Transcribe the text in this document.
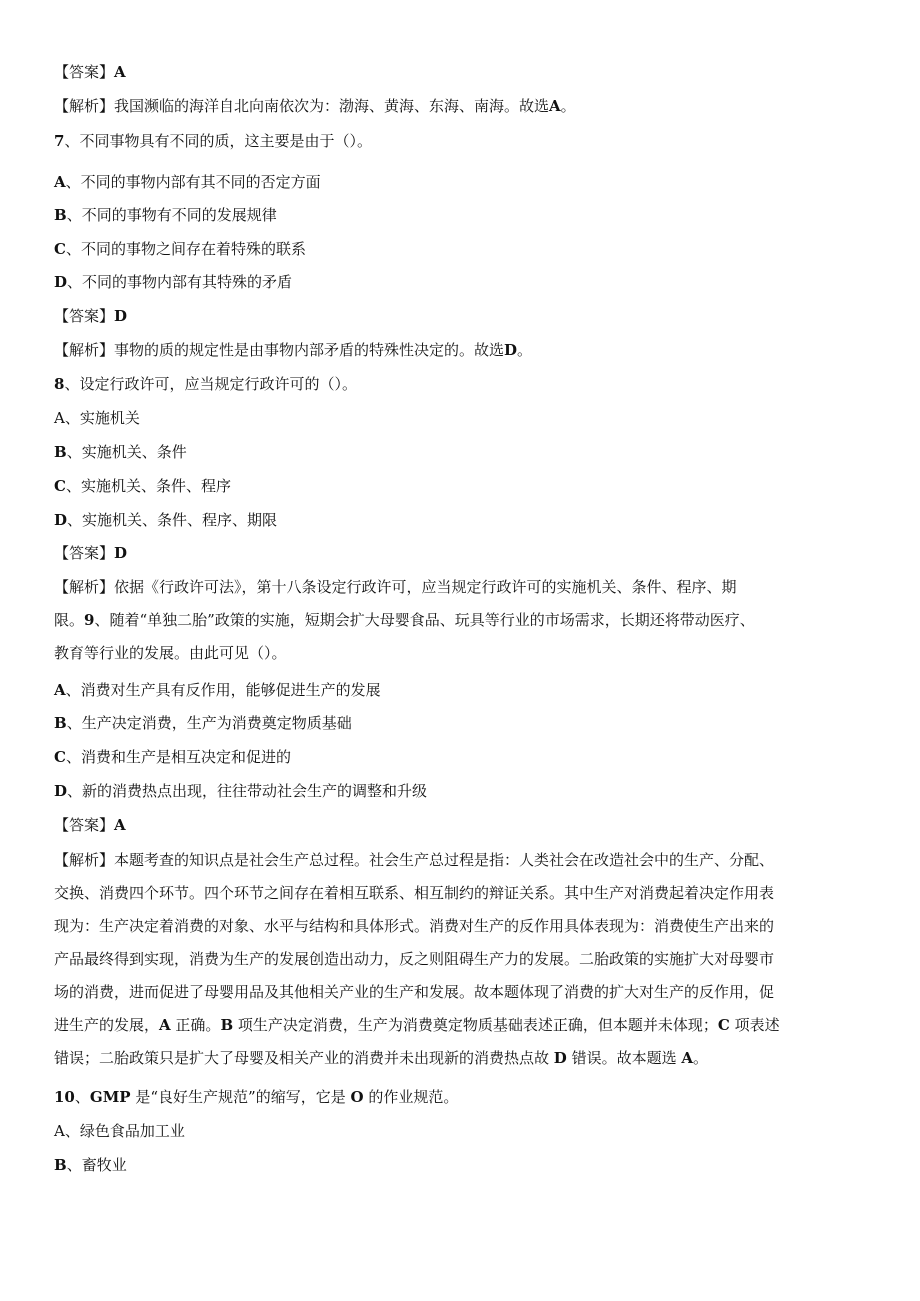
【答案】A
【解析】我国濒临的海洋自北向南依次为：渤海、黄海、东海、南海。故选A。
7、不同事物具有不同的质，这主要是由于（）。
A、不同的事物内部有其不同的否定方面
B、不同的事物有不同的发展规律
C、不同的事物之间存在着特殊的联系
D、不同的事物内部有其特殊的矛盾
【答案】D
【解析】事物的质的规定性是由事物内部矛盾的特殊性决定的。故选D。
8、设定行政许可，应当规定行政许可的（）。
A、实施机关
B、实施机关、条件
C、实施机关、条件、程序
D、实施机关、条件、程序、期限
【答案】D
【解析】依据《行政许可法》，第十八条设定行政许可，应当规定行政许可的实施机关、条件、程序、期
限。9、随着“单独二胎”政策的实施，短期会扩大母婴食品、玩具等行业的市场需求，长期还将带动医疗、
教育等行业的发展。由此可见（）。
A、消费对生产具有反作用，能够促进生产的发展
B、生产决定消费，生产为消费奠定物质基础
C、消费和生产是相互决定和促进的
D、新的消费热点出现，往往带动社会生产的调整和升级
【答案】A
【解析】本题考查的知识点是社会生产总过程。社会生产总过程是指：人类社会在改造社会中的生产、分配、
交换、消费四个环节。四个环节之间存在着相互联系、相互制约的辩证关系。其中生产对消费起着决定作用表
现为：生产决定着消费的对象、水平与结构和具体形式。消费对生产的反作用具体表现为：消费使生产出来的
产品最终得到实现，消费为生产的发展创造出动力，反之则阻碍生产力的发展。二胎政策的实施扩大对母婴市
场的消费，进而促进了母婴用品及其他相关产业的生产和发展。故本题体现了消费的扩大对生产的反作用，促
进生产的发展，A 正确。B 项生产决定消费，生产为消费奠定物质基础表述正确，但本题并未体现；C 项表述
错误；二胎政策只是扩大了母婴及相关产业的消费并未出现新的消费热点故 D 错误。故本题选 A。
10、GMP 是“良好生产规范”的缩写，它是 O 的作业规范。
A、绿色食品加工业
B、畜牧业
